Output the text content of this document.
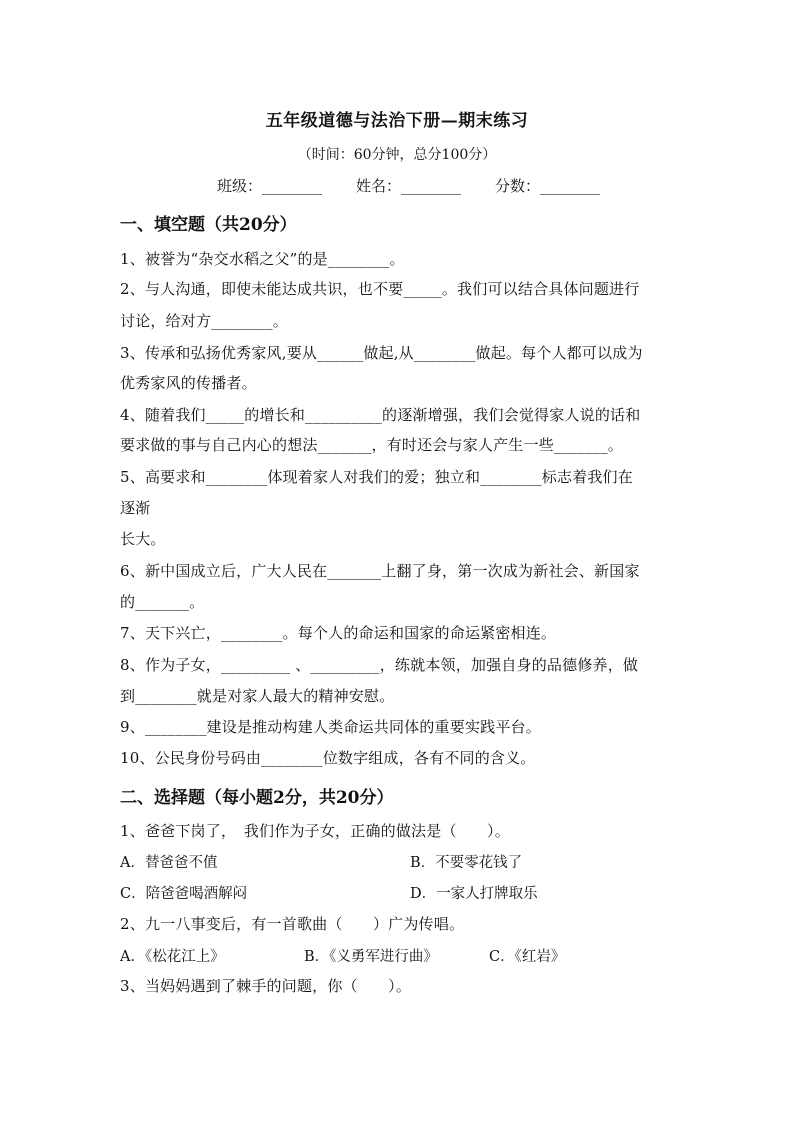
五年级道德与法治下册—期末练习
（时间：60分钟，总分100分）
班级：________ 姓名：________ 分数：________
一、填空题（共20分）
1、被誉为“杂交水稻之父”的是________。
2、与人沟通，即使未能达成共识，也不要_____。我们可以结合具体问题进行
讨论，给对方________。
3、传承和弘扬优秀家风,要从______做起,从________做起。每个人都可以成为
优秀家风的传播者。
4、随着我们_____的增长和__________的逐渐增强，我们会觉得家人说的话和
要求做的事与自己内心的想法_______，有时还会与家人产生一些_______。
5、高要求和________体现着家人对我们的爱；独立和________标志着我们在
逐渐
长大。
6、新中国成立后，广大人民在_______上翻了身，第一次成为新社会、新国家
的_______。
7、天下兴亡，________。每个人的命运和国家的命运紧密相连。
8、作为子女，_________ 、_________，练就本领，加强自身的品德修养，做
到________就是对家人最大的精神安慰。
9、________建设是推动构建人类命运共同体的重要实践平台。
10、公民身份号码由________位数字组成，各有不同的含义。
二、选择题（每小题2分，共20分）
1、爸爸下岗了，　我们作为子女，正确的做法是（　　）。
A．替爸爸不值	B．不要零花钱了
C．陪爸爸喝酒解闷	D．一家人打牌取乐
2、九一八事变后，有一首歌曲（　　）广为传唱。
A．《松花江上》	B．《义勇军进行曲》	C．《红岩》
3、当妈妈遇到了棘手的问题，你（　　）。
